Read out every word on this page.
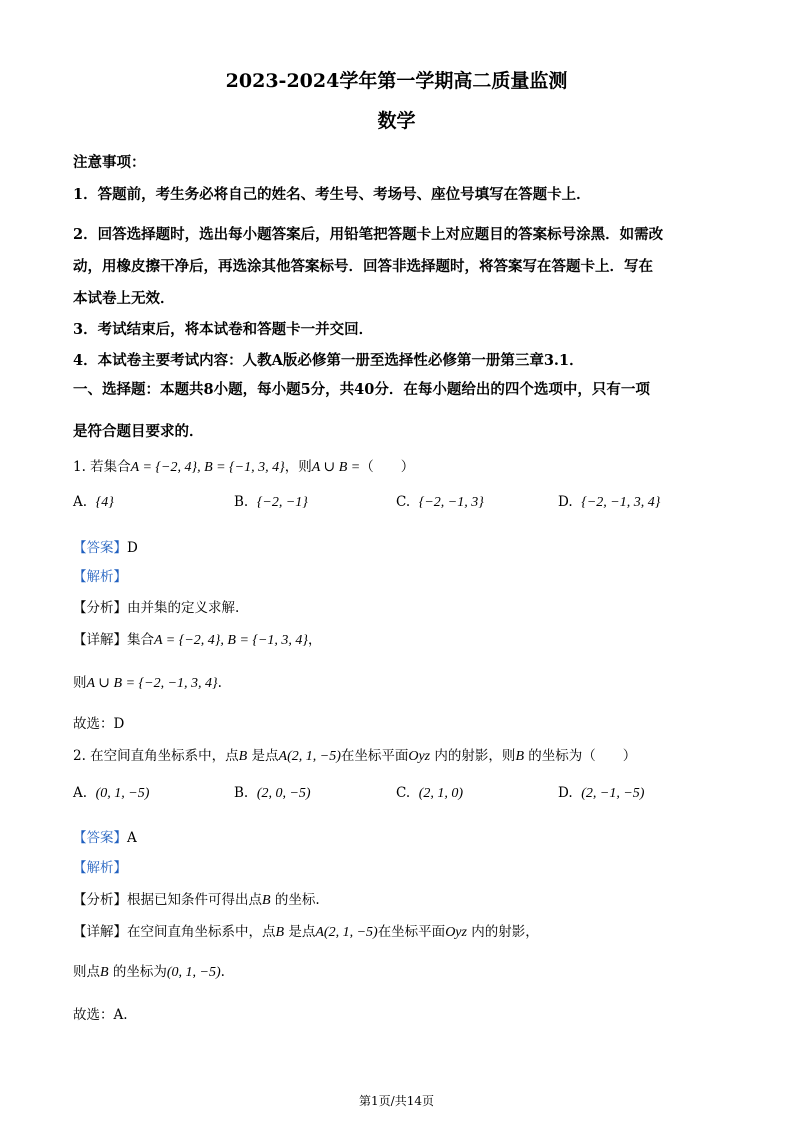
2023-2024学年第一学期高二质量监测
数学
注意事项：
1．答题前，考生务必将自己的姓名、考生号、考场号、座位号填写在答题卡上．
2．回答选择题时，选出每小题答案后，用铅笔把答题卡上对应题目的答案标号涂黑．如需改
动，用橡皮擦干净后，再选涂其他答案标号．回答非选择题时，将答案写在答题卡上．写在
本试卷上无效．
3．考试结束后，将本试卷和答题卡一并交回．
4．本试卷主要考试内容：人教A版必修第一册至选择性必修第一册第三章3.1．
一、选择题：本题共8小题，每小题5分，共40分．在每小题给出的四个选项中，只有一项
是符合题目要求的．
1. 若集合A = {−2, 4}, B = {−1, 3, 4}，则A ∪ B =（　　）
A. {4}	B. {−2, −1}	C. {−2, −1, 3}	D. {−2, −1, 3, 4}
【答案】D
【解析】
【分析】由并集的定义求解.
【详解】集合A = {−2, 4}, B = {−1, 3, 4}，
则A ∪ B = {−2, −1, 3, 4}.
故选：D
2. 在空间直角坐标系中，点B 是点A(2, 1, −5)在坐标平面Oyz 内的射影，则B 的坐标为（　　）
A. (0, 1, −5)	B. (2, 0, −5)	C. (2, 1, 0)	D. (2, −1, −5)
【答案】A
【解析】
【分析】根据已知条件可得出点B 的坐标.
【详解】在空间直角坐标系中，点B 是点A(2, 1, −5)在坐标平面Oyz 内的射影，
则点B 的坐标为(0, 1, −5).
故选：A.
第1页/共14页
